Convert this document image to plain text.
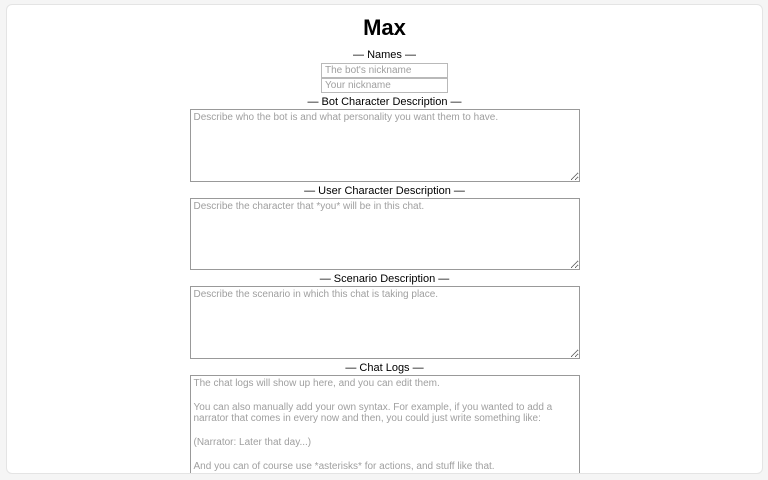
Max
— Names —
The bot's nickname
Your nickname
— Bot Character Description —
Describe who the bot is and what personality you want them to have.
— User Character Description —
Describe the character that *you* will be in this chat.
— Scenario Description —
Describe the scenario in which this chat is taking place.
— Chat Logs —
The chat logs will show up here, and you can edit them. You can also manually add your own syntax. For example, if you wanted to add a narrator that comes in every now and then, you could just write something like: (Narrator: Later that day...) And you can of course use *asterisks* for actions, and stuff like that.
